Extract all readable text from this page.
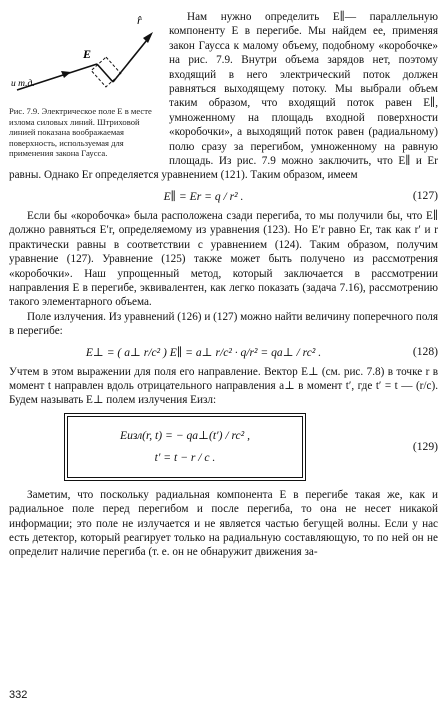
r̂
E
и т.д.
Рис. 7.9. Электрическое поле E в месте излома силовых линий. Штриховой линией показана воображаемая поверхность, используемая для применения закона Гаусса.

Нам нужно определить E∥— параллельную компоненту E в перегибе. Мы найдем ее, применяя закон Гаусса к малому объему, подобному «коробочке» на рис. 7.9. Внутри объема зарядов нет, поэтому входящий в него электрический поток должен равняться выходящему потоку. Мы выбрали объем таким образом, что входящий поток равен E∥, умноженному на площадь входной поверхности «коробочки», а выходящий поток равен (радиальному) полю сразу за перегибом, умноженному на равную площадь. Из рис. 7.9 можно заключить, что E∥ и Er равны. Однако Er определяется уравнением (121). Таким образом, имеем

E∥ = Er = q / r² .	(127)

Если бы «коробочка» была расположена сзади перегиба, то мы получили бы, что E∥ должно равняться E′r, определяемому из уравнения (123). Но E′r равно Er, так как r′ и r практически равны в соответствии с уравнением (124). Таким образом, получим уравнение (127). Уравнение (125) также может быть получено из рассмотрения «коробочки». Наш упрощенный метод, который заключается в рассмотрении направления E в перегибе, эквивалентен, как легко показать (задача 7.16), рассмотрению такого элементарного объема.

Поле излучения. Из уравнений (126) и (127) можно найти величину поперечного поля в перегибе:

E⊥ = ( a⊥ r/c² ) E∥ = a⊥ r/c² · q/r² = qa⊥ / rc² .	(128)

Учтем в этом выражении для поля его направление. Вектор E⊥ (см. рис. 7.8) в точке r в момент t направлен вдоль отрицательного направления a⊥ в момент t′, где t′ = t — (r/c). Будем называть E⊥ полем излучения Eизл:

Eизл(r, t) = − qa⊥(t′) / rc² ,
t′ = t − r / c .
(129)

Заметим, что поскольку радиальная компонента E в перегибе такая же, как и радиальное поле перед перегибом и после перегиба, то она не несет никакой информации; это поле не излучается и не является частью бегущей волны. Если у нас есть детектор, который реагирует только на радиальную составляющую, то по ней он не определит наличие перегиба (т. е. он не обнаружит движения за-

332
